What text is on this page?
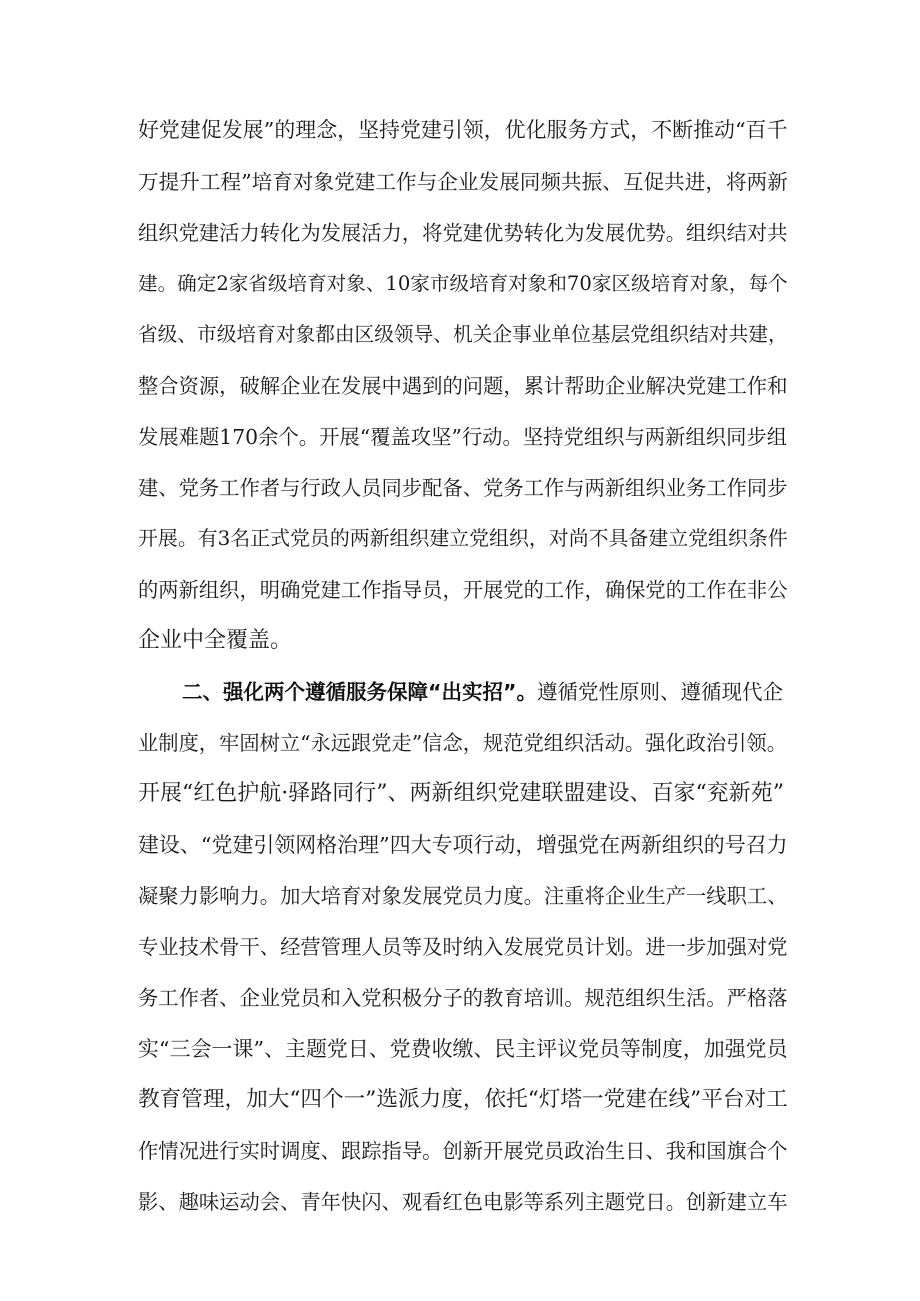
好党建促发展”的理念，坚持党建引领，优化服务方式，不断推动“百千
万提升工程”培育对象党建工作与企业发展同频共振、互促共进，将两新
组织党建活力转化为发展活力，将党建优势转化为发展优势。组织结对共
建。确定2家省级培育对象、10家市级培育对象和70家区级培育对象，每个
省级、市级培育对象都由区级领导、机关企事业单位基层党组织结对共建，
整合资源，破解企业在发展中遇到的问题，累计帮助企业解决党建工作和
发展难题170余个。开展“覆盖攻坚”行动。坚持党组织与两新组织同步组
建、党务工作者与行政人员同步配备、党务工作与两新组织业务工作同步
开展。有3名正式党员的两新组织建立党组织，对尚不具备建立党组织条件
的两新组织，明确党建工作指导员，开展党的工作，确保党的工作在非公
企业中全覆盖。
二、强化两个遵循服务保障“出实招”。遵循党性原则、遵循现代企
业制度，牢固树立“永远跟党走”信念，规范党组织活动。强化政治引领。
开展“红色护航·驿路同行”、两新组织党建联盟建设、百家“兖新苑”
建设、“党建引领网格治理”四大专项行动，增强党在两新组织的号召力
凝聚力影响力。加大培育对象发展党员力度。注重将企业生产一线职工、
专业技术骨干、经营管理人员等及时纳入发展党员计划。进一步加强对党
务工作者、企业党员和入党积极分子的教育培训。规范组织生活。严格落
实“三会一课”、主题党日、党费收缴、民主评议党员等制度，加强党员
教育管理，加大“四个一”选派力度，依托“灯塔一党建在线”平台对工
作情况进行实时调度、跟踪指导。创新开展党员政治生日、我和国旗合个
影、趣味运动会、青年快闪、观看红色电影等系列主题党日。创新建立车
